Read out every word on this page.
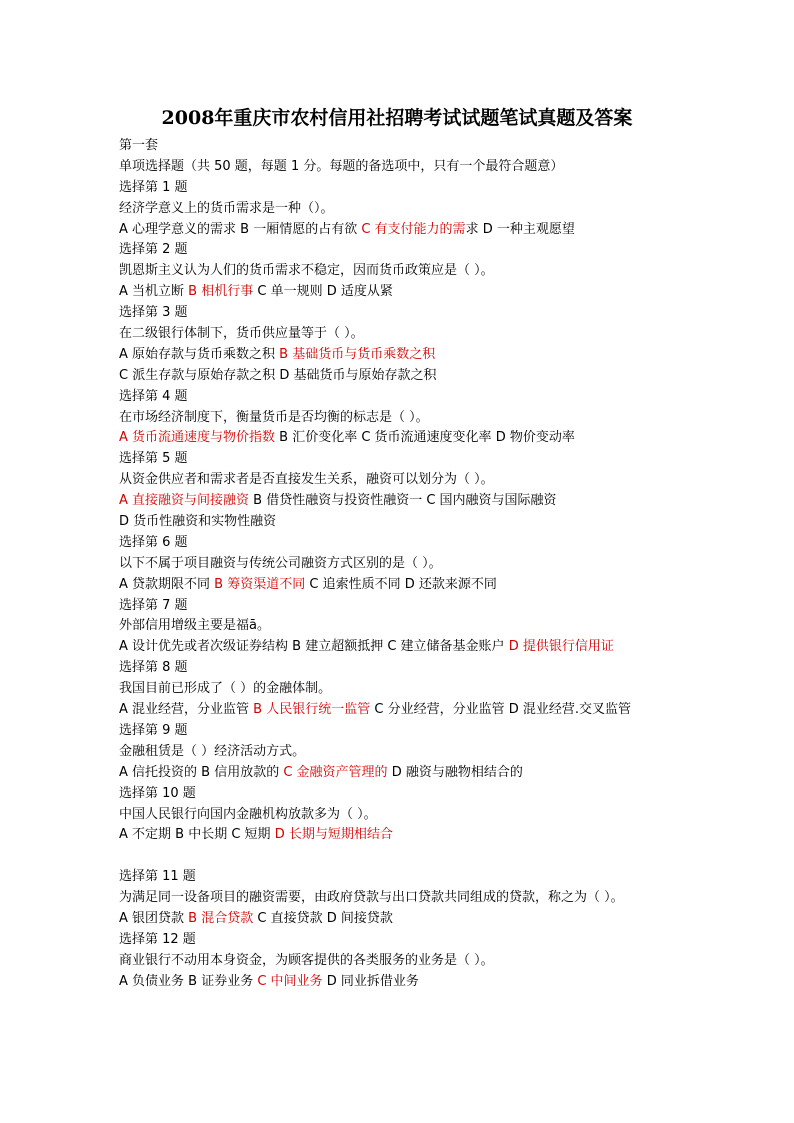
2008年重庆市农村信用社招聘考试试题笔试真题及答案
第一套
单项选择题（共 50 题，每题 1 分。每题的备选项中，只有一个最符合题意）
选择第 1 题
经济学意义上的货币需求是一种（）。
A 心理学意义的需求 B 一厢情愿的占有欲 C 有支付能力的需求 D 一种主观愿望
选择第 2 题
凯恩斯主义认为人们的货币需求不稳定，因而货币政策应是（ ）。
A 当机立断 B 相机行事 C 单一规则 D 适度从紧
选择第 3 题
在二级银行体制下，货币供应量等于（ ）。
A 原始存款与货币乘数之积 B 基础货币与货币乘数之积
C 派生存款与原始存款之积 D 基础货币与原始存款之积
选择第 4 题
在市场经济制度下，衡量货币是否均衡的标志是（ ）。
A 货币流通速度与物价指数 B 汇价变化率 C 货币流通速度变化率 D 物价变动率
选择第 5 题
从资金供应者和需求者是否直接发生关系，融资可以划分为（ ）。
A 直接融资与间接融资 B 借贷性融资与投资性融资一 C 国内融资与国际融资
D 货币性融资和实物性融资
选择第 6 题
以下不属于项目融资与传统公司融资方式区别的是（ ）。
A 贷款期限不同 B 筹资渠道不同 C 追索性质不同 D 还款来源不同
选择第 7 题
外部信用增级主要是福ā。
A 设计优先或者次级证券结构 B 建立超额抵押 C 建立储备基金账户 D 提供银行信用证
选择第 8 题
我国目前已形成了（ ）的金融体制。
A 混业经营，分业监管 B 人民银行统一监管 C 分业经营，分业监管 D 混业经营.交叉监管
选择第 9 题
金融租赁是（ ）经济活动方式。
A 信托投资的 B 信用放款的 C 金融资产管理的 D 融资与融物相结合的
选择第 10 题
中国人民银行向国内金融机构放款多为（ ）。
A 不定期 B 中长期 C 短期 D 长期与短期相结合
选择第 11 题
为满足同一设备项目的融资需要，由政府贷款与出口贷款共同组成的贷款，称之为（ ）。
A 银团贷款 B 混合贷款 C 直接贷款 D 间接贷款
选择第 12 题
商业银行不动用本身资金，为顾客提供的各类服务的业务是（ ）。
A 负债业务 B 证券业务 C 中间业务 D 同业拆借业务
